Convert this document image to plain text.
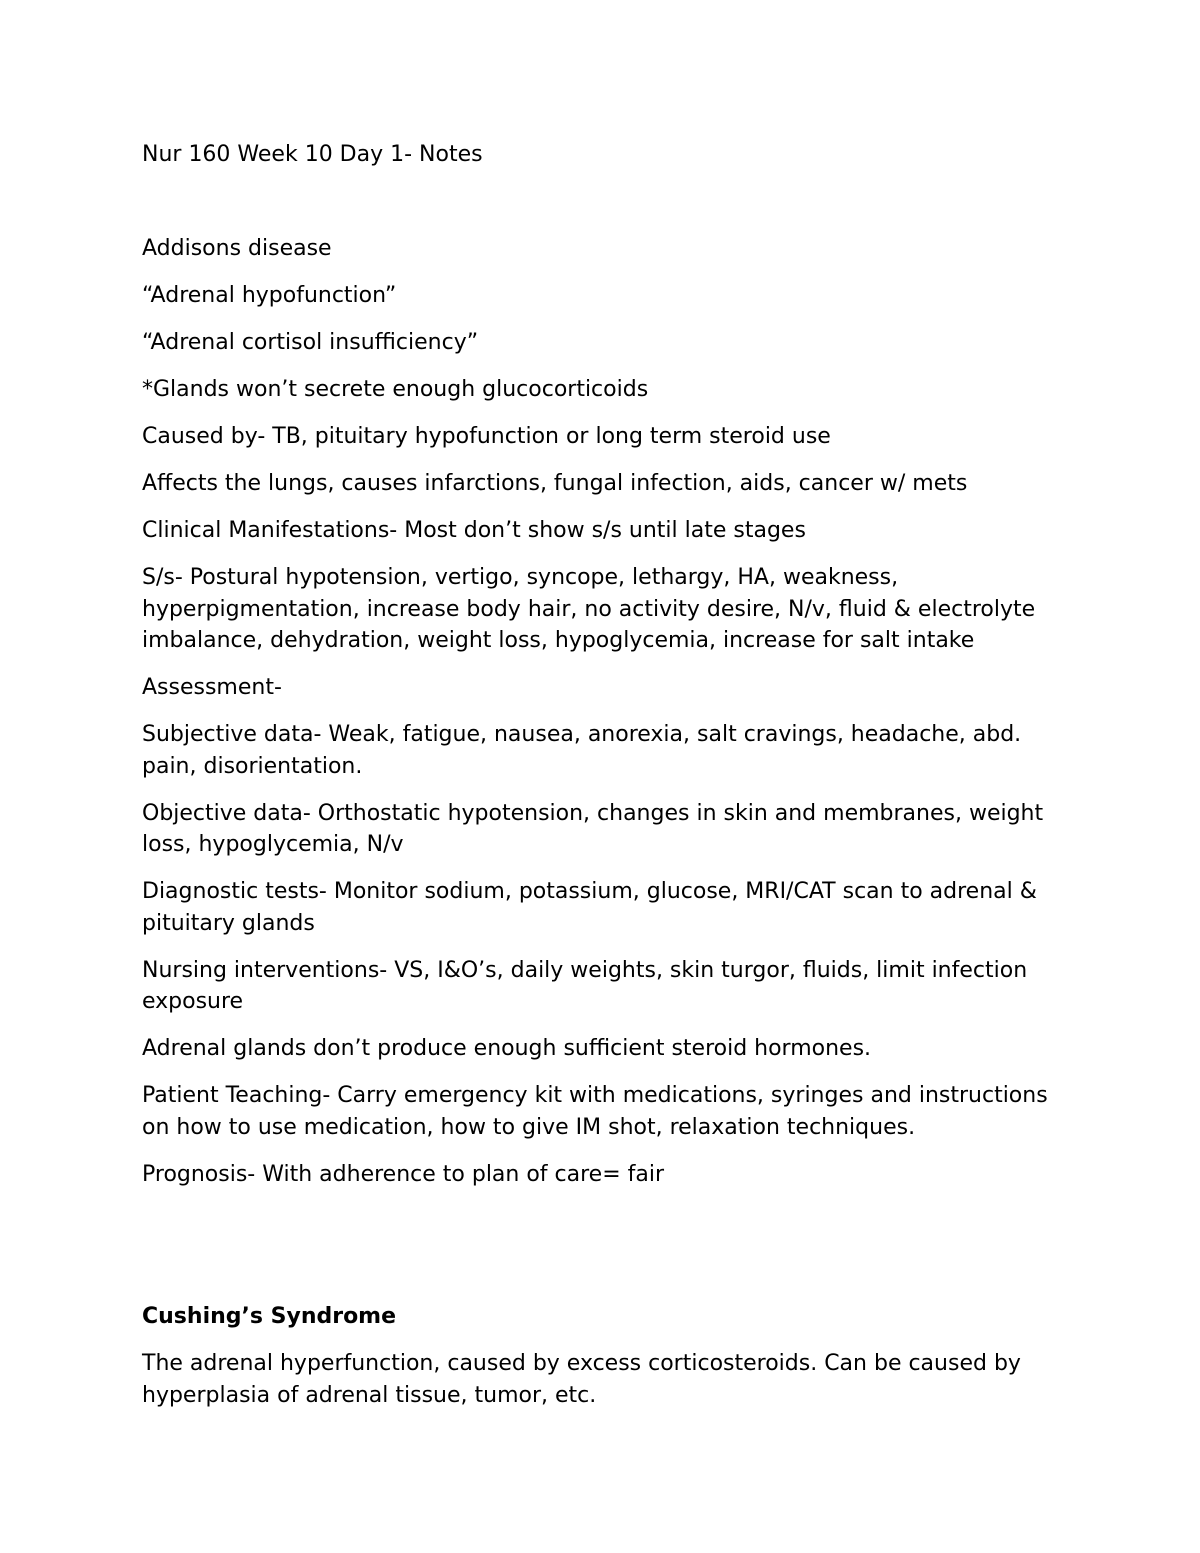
Nur 160 Week 10 Day 1- Notes

Addisons disease

“Adrenal hypofunction”

“Adrenal cortisol insufficiency”

*Glands won’t secrete enough glucocorticoids

Caused by- TB, pituitary hypofunction or long term steroid use

Affects the lungs, causes infarctions, fungal infection, aids, cancer w/ mets

Clinical Manifestations- Most don’t show s/s until late stages

S/s- Postural hypotension, vertigo, syncope, lethargy, HA, weakness, hyperpigmentation, increase body hair, no activity desire, N/v, fluid & electrolyte imbalance, dehydration, weight loss, hypoglycemia, increase for salt intake

Assessment-

Subjective data- Weak, fatigue, nausea, anorexia, salt cravings, headache, abd. pain, disorientation.

Objective data- Orthostatic hypotension, changes in skin and membranes, weight loss, hypoglycemia, N/v

Diagnostic tests- Monitor sodium, potassium, glucose, MRI/CAT scan to adrenal & pituitary glands

Nursing interventions- VS, I&O’s, daily weights, skin turgor, fluids, limit infection exposure

Adrenal glands don’t produce enough sufficient steroid hormones.

Patient Teaching- Carry emergency kit with medications, syringes and instructions on how to use medication, how to give IM shot, relaxation techniques.

Prognosis- With adherence to plan of care= fair

Cushing’s Syndrome

The adrenal hyperfunction, caused by excess corticosteroids. Can be caused by hyperplasia of adrenal tissue, tumor, etc.
